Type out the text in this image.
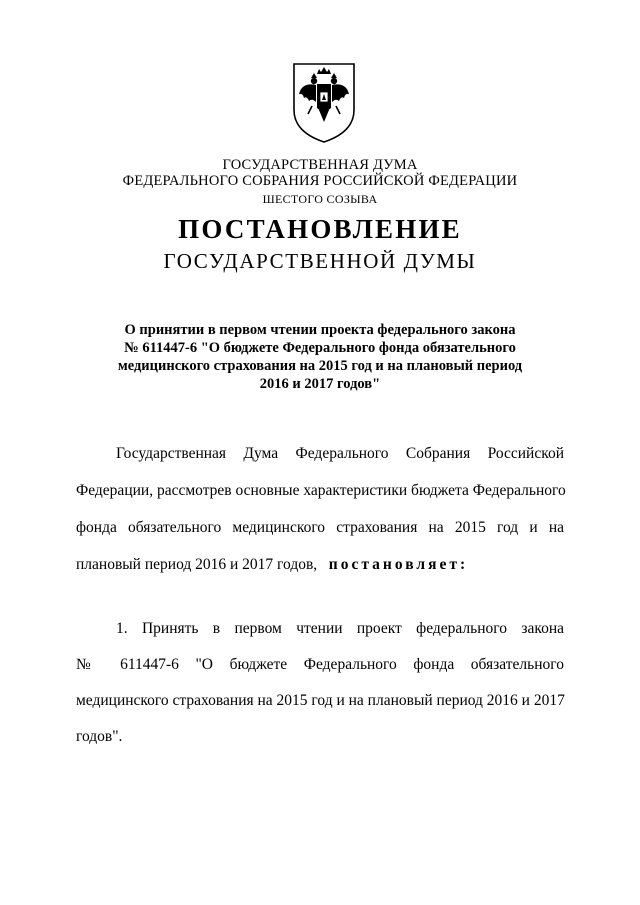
ГОСУДАРСТВЕННАЯ ДУМА
ФЕДЕРАЛЬНОГО СОБРАНИЯ РОССИЙСКОЙ ФЕДЕРАЦИИ
ШЕСТОГО СОЗЫВА
ПОСТАНОВЛЕНИЕ
ГОСУДАРСТВЕННОЙ ДУМЫ
О принятии в первом чтении проекта федерального закона
№ 611447-6 "О бюджете Федерального фонда обязательного
медицинского страхования на 2015 год и на плановый период
2016 и 2017 годов"
Государственная Дума Федерального Собрания Российской
Федерации, рассмотрев основные характеристики бюджета Федерального
фонда обязательного медицинского страхования на 2015 год и на
плановый период 2016 и 2017 годов, постановляет:
1. Принять в первом чтении проект федерального закона
№ 611447-6 "О бюджете Федерального фонда обязательного
медицинского страхования на 2015 год и на плановый период 2016 и 2017
годов".
